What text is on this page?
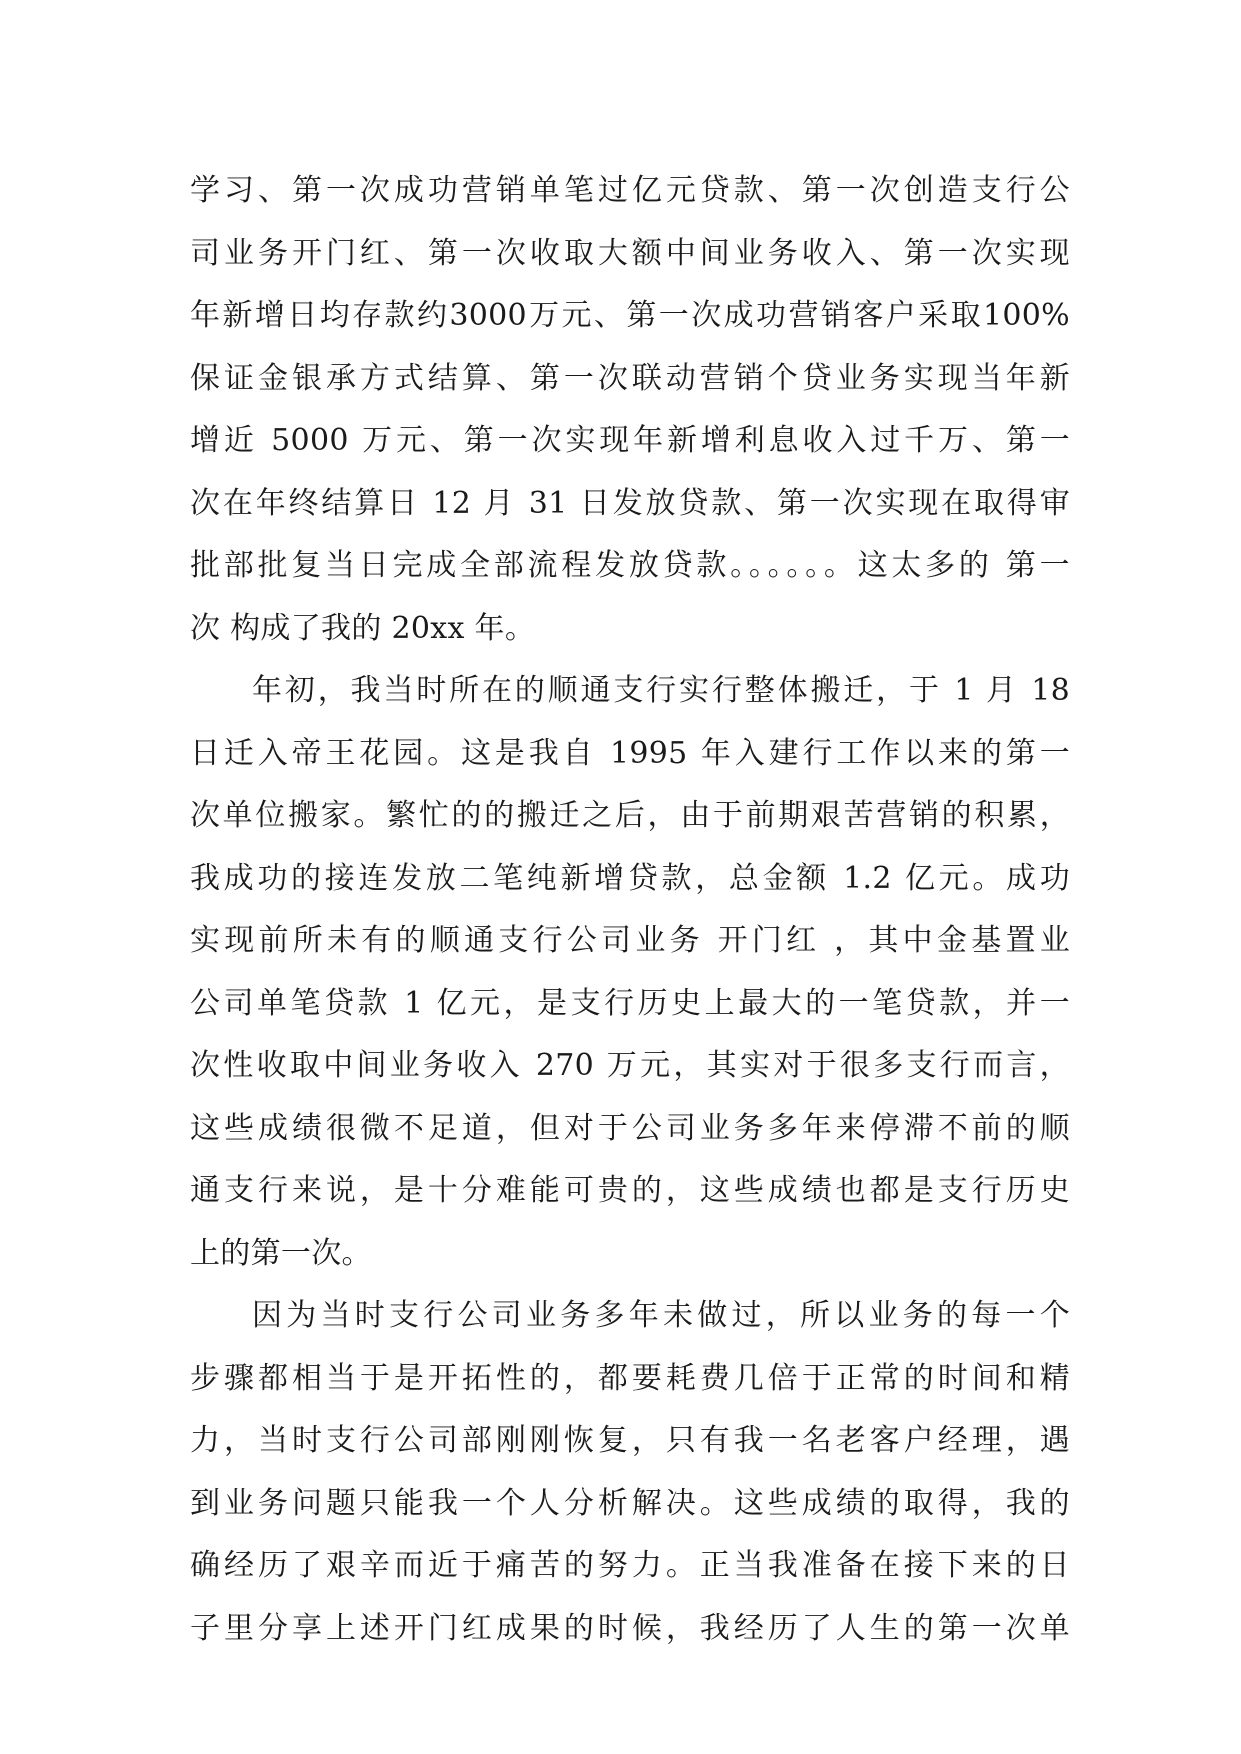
学习、第一次成功营销单笔过亿元贷款、第一次创造支行公
司业务开门红、第一次收取大额中间业务收入、第一次实现
年新增日均存款约3000万元、第一次成功营销客户采取100%
保证金银承方式结算、第一次联动营销个贷业务实现当年新
增近 5000 万元、第一次实现年新增利息收入过千万、第一
次在年终结算日 12 月 31 日发放贷款、第一次实现在取得审
批部批复当日完成全部流程发放贷款。。。。。。这太多的 第一
次 构成了我的 20xx 年。
年初，我当时所在的顺通支行实行整体搬迁，于 1 月 18
日迁入帝王花园。这是我自 1995 年入建行工作以来的第一
次单位搬家。繁忙的的搬迁之后，由于前期艰苦营销的积累，
我成功的接连发放二笔纯新增贷款，总金额 1.2 亿元。成功
实现前所未有的顺通支行公司业务 开门红 ，其中金基置业
公司单笔贷款 1 亿元，是支行历史上最大的一笔贷款，并一
次性收取中间业务收入 270 万元，其实对于很多支行而言，
这些成绩很微不足道，但对于公司业务多年来停滞不前的顺
通支行来说，是十分难能可贵的，这些成绩也都是支行历史
上的第一次。
因为当时支行公司业务多年未做过，所以业务的每一个
步骤都相当于是开拓性的，都要耗费几倍于正常的时间和精
力，当时支行公司部刚刚恢复，只有我一名老客户经理，遇
到业务问题只能我一个人分析解决。这些成绩的取得，我的
确经历了艰辛而近于痛苦的努力。正当我准备在接下来的日
子里分享上述开门红成果的时候，我经历了人生的第一次单
